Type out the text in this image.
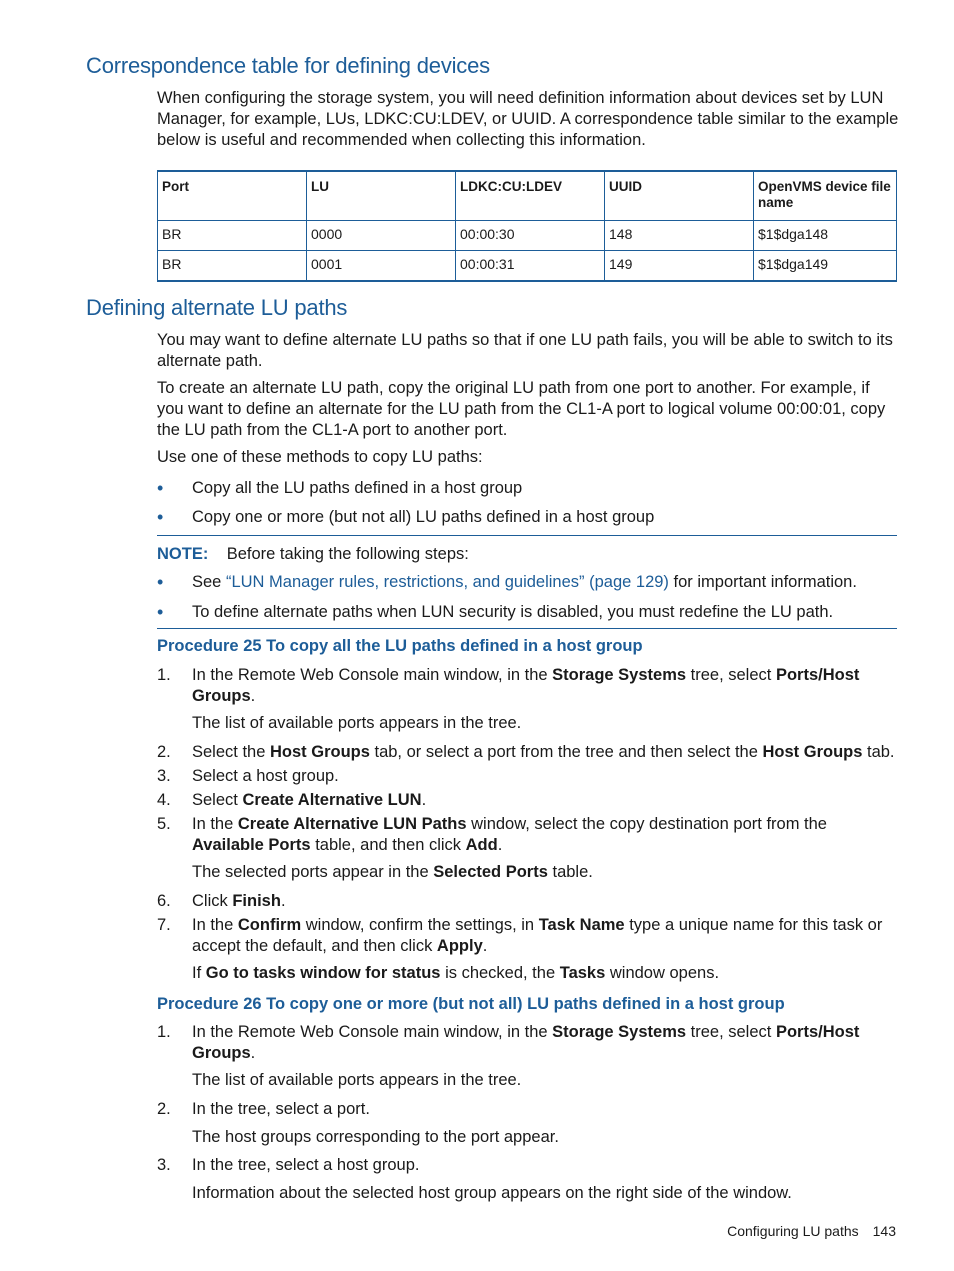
Correspondence table for defining devices

When configuring the storage system, you will need definition information about devices set by LUN Manager, for example, LUs, LDKC:CU:LDEV, or UUID. A correspondence table similar to the example below is useful and recommended when collecting this information.

Port	LU	LDKC:CU:LDEV	UUID	OpenVMS device file name
BR	0000	00:00:30	148	$1$dga148
BR	0001	00:00:31	149	$1$dga149
Defining alternate LU paths

You may want to define alternate LU paths so that if one LU path fails, you will be able to switch to its alternate path.

To create an alternate LU path, copy the original LU path from one port to another. For example, if you want to define an alternate for the LU path from the CL1-A port to logical volume 00:00:01, copy the LU path from the CL1-A port to another port.

Use one of these methods to copy LU paths:

•	Copy all the LU paths defined in a host group
•	Copy one or more (but not all) LU paths defined in a host group

NOTE: Before taking the following steps:

•	See “LUN Manager rules, restrictions, and guidelines” (page 129) for important information.
•	To define alternate paths when LUN security is disabled, you must redefine the LU path.

Procedure 25 To copy all the LU paths defined in a host group

1. In the Remote Web Console main window, in the Storage Systems tree, select Ports/Host Groups.

The list of available ports appears in the tree.

2. Select the Host Groups tab, or select a port from the tree and then select the Host Groups tab.
3. Select a host group.
4. Select Create Alternative LUN.
5. In the Create Alternative LUN Paths window, select the copy destination port from the Available Ports table, and then click Add.

The selected ports appear in the Selected Ports table.

6. Click Finish.
7. In the Confirm window, confirm the settings, in Task Name type a unique name for this task or accept the default, and then click Apply.

If Go to tasks window for status is checked, the Tasks window opens.

Procedure 26 To copy one or more (but not all) LU paths defined in a host group

1. In the Remote Web Console main window, in the Storage Systems tree, select Ports/Host Groups.

The list of available ports appears in the tree.

2. In the tree, select a port.

The host groups corresponding to the port appear.

3. In the tree, select a host group.

Information about the selected host group appears on the right side of the window.

Configuring LU paths 143
